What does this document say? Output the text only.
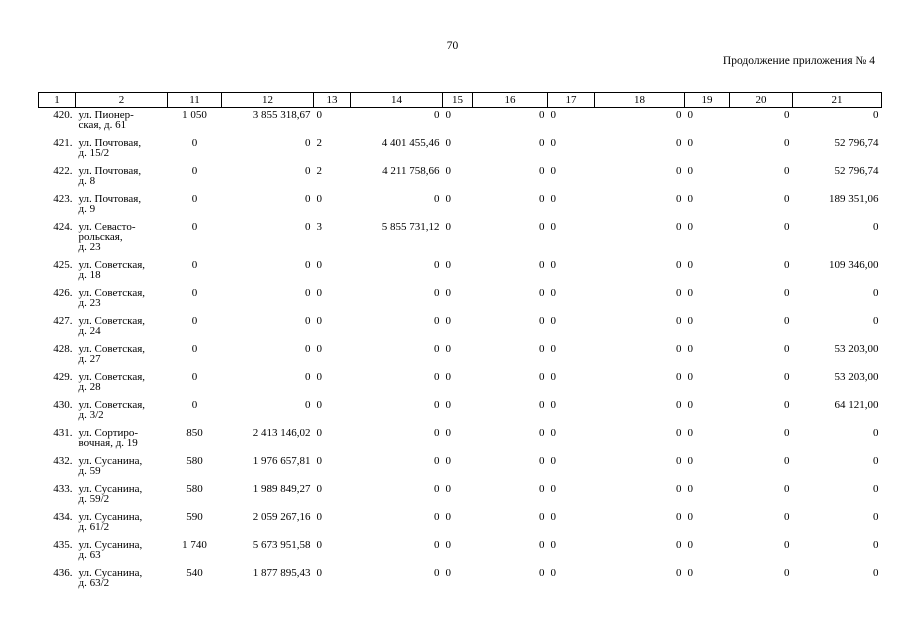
70
Продолжение приложения № 4
1	2	11	12	13	14	15	16	17	18	19	20	21
420.	ул. Пионер-
ская, д. 61	1 050	3 855 318,67	0	0	0	0	0	0	0	0	0
421.	ул. Почтовая,
д. 15/2	0	0	2	4 401 455,46	0	0	0	0	0	0	52 796,74
422.	ул. Почтовая,
д. 8	0	0	2	4 211 758,66	0	0	0	0	0	0	52 796,74
423.	ул. Почтовая,
д. 9	0	0	0	0	0	0	0	0	0	0	189 351,06
424.	ул. Севасто-
pольская,
д. 23	0	0	3	5 855 731,12	0	0	0	0	0	0	0
425.	ул. Советская,
д. 18	0	0	0	0	0	0	0	0	0	0	109 346,00
426.	ул. Советская,
д. 23	0	0	0	0	0	0	0	0	0	0	0
427.	ул. Советская,
д. 24	0	0	0	0	0	0	0	0	0	0	0
428.	ул. Советская,
д. 27	0	0	0	0	0	0	0	0	0	0	53 203,00
429.	ул. Советская,
д. 28	0	0	0	0	0	0	0	0	0	0	53 203,00
430.	ул. Советская,
д. 3/2	0	0	0	0	0	0	0	0	0	0	64 121,00
431.	ул. Сортиро-
вочная, д. 19	850	2 413 146,02	0	0	0	0	0	0	0	0	0
432.	ул. Сусанина,
д. 59	580	1 976 657,81	0	0	0	0	0	0	0	0	0
433.	ул. Сусанина,
д. 59/2	580	1 989 849,27	0	0	0	0	0	0	0	0	0
434.	ул. Сусанина,
д. 61/2	590	2 059 267,16	0	0	0	0	0	0	0	0	0
435.	ул. Сусанина,
д. 63	1 740	5 673 951,58	0	0	0	0	0	0	0	0	0
436.	ул. Сусанина,
д. 63/2	540	1 877 895,43	0	0	0	0	0	0	0	0	0
